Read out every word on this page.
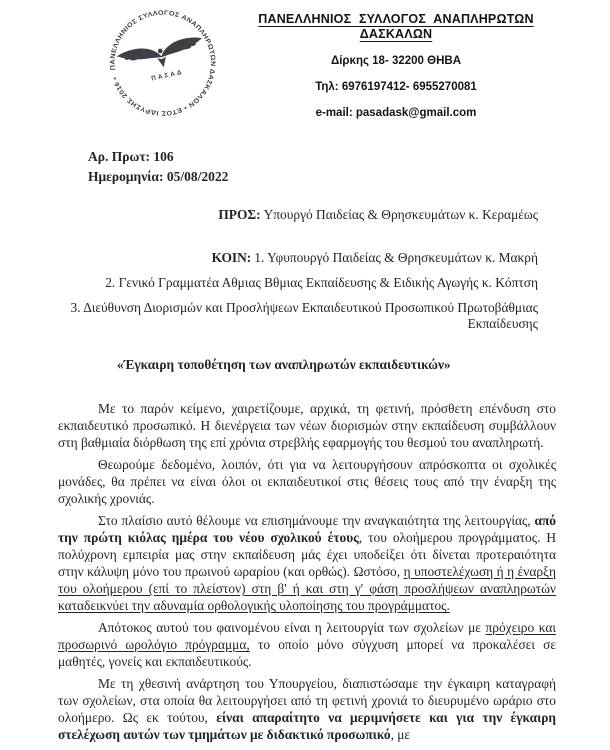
ΠΑΝΕΛΛΗΝΙΟΣ ΣΥΛΛΟΓΟΣ ΑΝΑΠΛΗΡΩΤΩΝ ΔΑΣΚΑΛΩΝ • ΕΤΟΣ ΙΔΡΥΣΗΣ 2016 •	ΠΑΣΑΔ
ΠΑΝΕΛΛΗΝΙΟΣ ΣΥΛΛΟΓΟΣ ΑΝΑΠΛΗΡΩΤΩΝ ΔΑΣΚΑΛΩΝ
Δίρκης 18- 32200 ΘΗΒΑ
Τηλ: 6976197412- 6955270081
e-mail: pasadask@gmail.com
Αρ. Πρωτ: 106
Ημερομηνία: 05/08/2022
ΠΡΟΣ: Υπουργό Παιδείας & Θρησκευμάτων κ. Κεραμέως
ΚΟΙΝ: 1. Υφυπουργό Παιδείας & Θρησκευμάτων κ. Μακρή
2. Γενικό Γραμματέα Αθμιας Βθμιας Εκπαίδευσης & Ειδικής Αγωγής κ. Κόπτση
3. Διεύθυνση Διορισμών και Προσλήψεων Εκπαιδευτικού Προσωπικού Πρωτοβάθμιας Εκπαίδευσης

«Έγκαιρη τοποθέτηση των αναπληρωτών εκπαιδευτικών»

Με το παρόν κείμενο, χαιρετίζουμε, αρχικά, τη φετινή, πρόσθετη επένδυση στο εκπαιδευτικό προσωπικό. Η διενέργεια των νέων διορισμών στην εκπαίδευση συμβάλλουν στη βαθμιαία διόρθωση της επί χρόνια στρεβλής εφαρμογής του θεσμού του αναπληρωτή.

Θεωρούμε δεδομένο, λοιπόν, ότι για να λειτουργήσουν απρόσκοπτα οι σχολικές μονάδες, θα πρέπει να είναι όλοι οι εκπαιδευτικοί στις θέσεις τους από την έναρξη της σχολικής χρονιάς.

Στο πλαίσιο αυτό θέλουμε να επισημάνουμε την αναγκαιότητα της λειτουργίας, από την πρώτη κιόλας ημέρα του νέου σχολικού έτους, του ολοήμερου προγράμματος. Η πολύχρονη εμπειρία μας στην εκπαίδευση μάς έχει υποδείξει ότι δίνεται προτεραιότητα στην κάλυψη μόνο του πρωινού ωραρίου (και ορθώς). Ωστόσο, η υποστελέχωση ή η έναρξη του ολοήμερου (επί το πλείστον) στη β' ή και στη γ' φάση προσλήψεων αναπληρωτών καταδεικνύει την αδυναμία ορθολογικής υλοποίησης του προγράμματος.

Απότοκος αυτού του φαινομένου είναι η λειτουργία των σχολείων με πρόχειρο και προσωρινό ωρολόγιο πρόγραμμα, το οποίο μόνο σύγχυση μπορεί να προκαλέσει σε μαθητές, γονείς και εκπαιδευτικούς.

Με τη χθεσινή ανάρτηση του Υπουργείου, διαπιστώσαμε την έγκαιρη καταγραφή των σχολείων, στα οποία θα λειτουργήσει από τη φετινή χρονιά το διευρυμένο ωράριο στο ολοήμερο. Ως εκ τούτου, είναι απαραίτητο να μεριμνήσετε και για την έγκαιρη στελέχωση αυτών των τμημάτων με διδακτικό προσωπικό, με
